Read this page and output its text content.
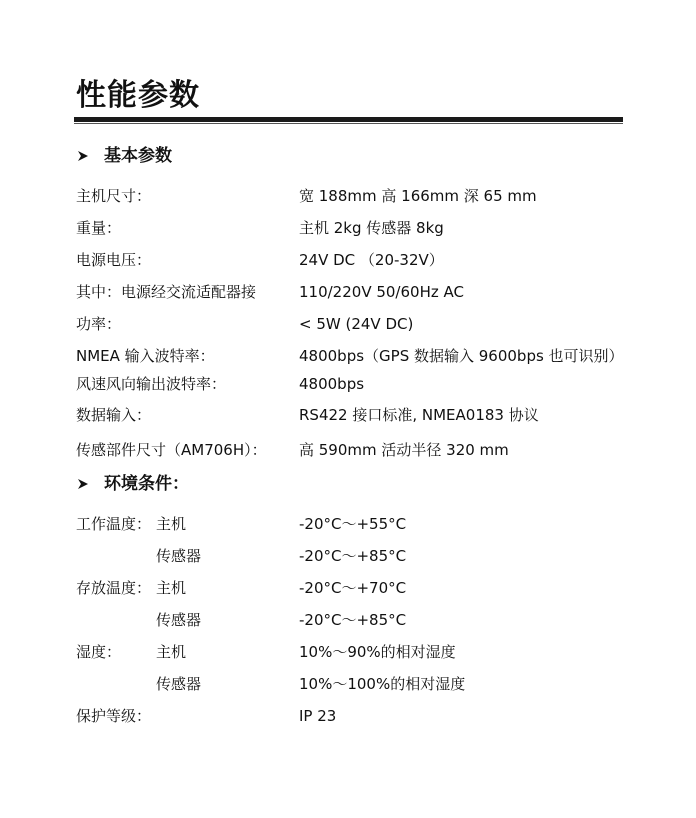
性能参数
基本参数
主机尺寸：	宽 188mm 高 166mm 深 65 mm
重量：	主机 2kg 传感器 8kg
电源电压：	24V DC （20-32V）
其中：电源经交流适配器接	110/220V 50/60Hz AC
功率：	< 5W (24V DC)
NMEA 输入波特率：	4800bps（GPS 数据输入 9600bps 也可识别）
风速风向输出波特率：	4800bps
数据输入：	RS422 接口标准, NMEA0183 协议
传感部件尺寸（AM706H）： 高 590mm 活动半径 320 mm
环境条件：
工作温度： 主机	-20°C～+55°C
传感器	-20°C～+85°C
存放温度： 主机	-20°C～+70°C
传感器	-20°C～+85°C
湿度： 主机	10%～90%的相对湿度
传感器	10%～100%的相对湿度
保护等级：	IP 23
